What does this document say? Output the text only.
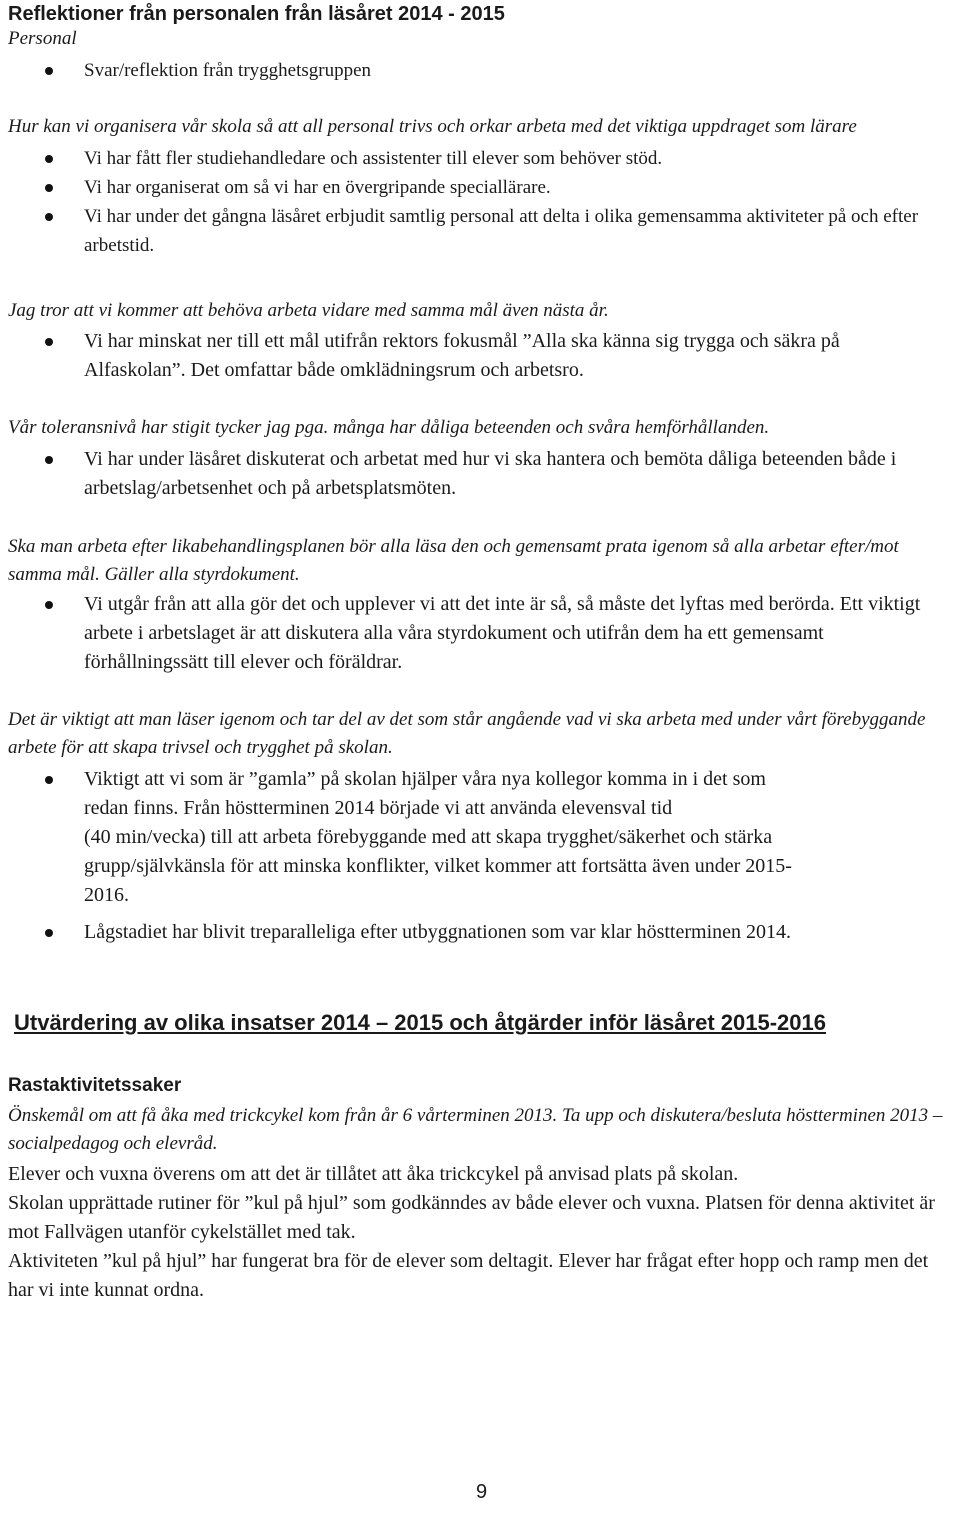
Reflektioner från personalen från läsåret 2014 - 2015

Personal

Svar/reflektion från trygghetsgruppen

Hur kan vi organisera vår skola så att all personal trivs och orkar arbeta med det viktiga uppdraget som lärare

Vi har fått fler studiehandledare och assistenter till elever som behöver stöd.
Vi har organiserat om så vi har en övergripande speciallärare.
Vi har under det gångna läsåret erbjudit samtlig personal att delta i olika gemensamma aktiviteter på och efter arbetstid.

Jag tror att vi kommer att behöva arbeta vidare med samma mål även nästa år.

Vi har minskat ner till ett mål utifrån rektors fokusmål ”Alla ska känna sig trygga och säkra på Alfaskolan”. Det omfattar både omklädningsrum och arbetsro.

Vår toleransnivå har stigit tycker jag pga. många har dåliga beteenden och svåra hemförhållanden.

Vi har under läsåret diskuterat och arbetat med hur vi ska hantera och bemöta dåliga beteenden både i arbetslag/arbetsenhet och på arbetsplatsmöten.

Ska man arbeta efter likabehandlingsplanen bör alla läsa den och gemensamt prata igenom så alla arbetar efter/mot samma mål. Gäller alla styrdokument.

Vi utgår från att alla gör det och upplever vi att det inte är så, så måste det lyftas med berörda. Ett viktigt arbete i arbetslaget är att diskutera alla våra styrdokument och utifrån dem ha ett gemensamt förhållningssätt till elever och föräldrar.

Det är viktigt att man läser igenom och tar del av det som står angående vad vi ska arbeta med under vårt förebyggande arbete för att skapa trivsel och trygghet på skolan.

Viktigt att vi som är ”gamla” på skolan hjälper våra nya kollegor komma in i det som
redan finns. Från höstterminen 2014 började vi att använda elevensval tid
(40 min/vecka) till att arbeta förebyggande med att skapa trygghet/säkerhet och stärka
grupp/självkänsla för att minska konflikter, vilket kommer att fortsätta även under 2015-
2016.
Lågstadiet har blivit treparalleliga efter utbyggnationen som var klar höstterminen 2014.
Utvärdering av olika insatser 2014 – 2015 och åtgärder inför läsåret 2015-2016
Rastaktivitetssaker

Önskemål om att få åka med trickcykel kom från år 6 vårterminen 2013. Ta upp och diskutera/besluta höstterminen 2013 – socialpedagog och elevråd.

Elever och vuxna överens om att det är tillåtet att åka trickcykel på anvisad plats på skolan.

Skolan upprättade rutiner för ”kul på hjul” som godkänndes av både elever och vuxna. Platsen för denna aktivitet är mot Fallvägen utanför cykelstället med tak.

Aktiviteten ”kul på hjul” har fungerat bra för de elever som deltagit. Elever har frågat efter hopp och ramp men det har vi inte kunnat ordna.

9
